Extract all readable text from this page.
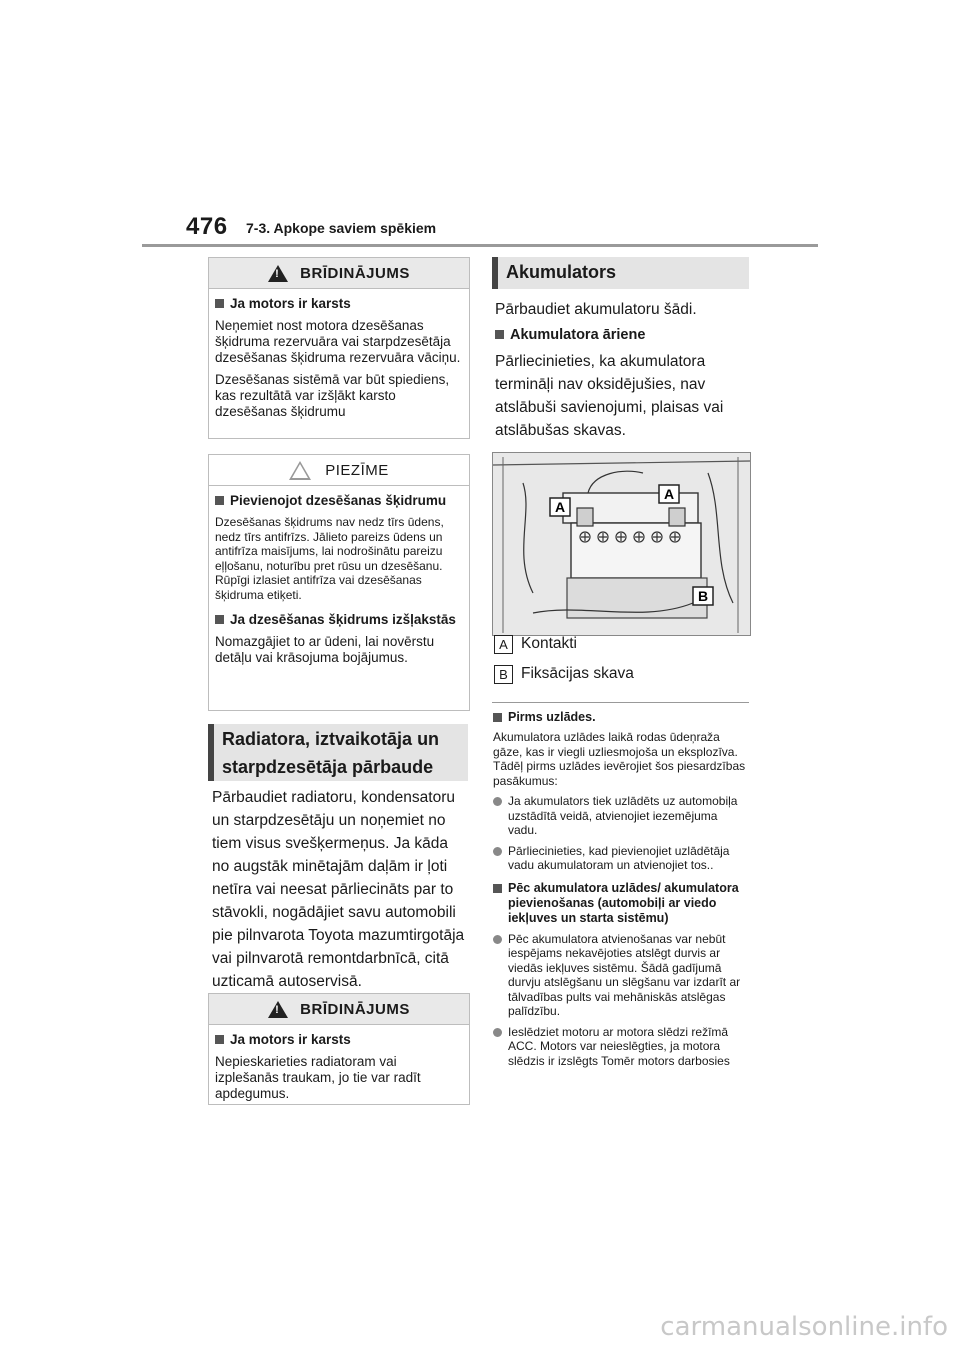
476 7-3. Apkope saviem spēkiem
!
BRĪDINĀJUMS
Ja motors ir karsts
Neņemiet nost motora dzesēšanas šķidruma rezervuāra vai starpdzesētāja dzesēšanas šķidruma rezervuāra vāciņu.
Dzesēšanas sistēmā var būt spiediens, kas rezultātā var izšļākt karsto dzesēšanas šķidrumu
PIEZĪME
Pievienojot dzesēšanas šķidrumu
Dzesēšanas šķidrums nav nedz tīrs ūdens, nedz tīrs antifrīzs. Jālieto pareizs ūdens un antifrīza maisījums, lai nodrošinātu pareizu eļļošanu, noturību pret rūsu un dzesēšanu. Rūpīgi izlasiet antifrīza vai dzesēšanas šķidruma etiķeti.
Ja dzesēšanas šķidrums izšļakstās
Nomazgājiet to ar ūdeni, lai novērstu detāļu vai krāsojuma bojājumus.
Radiatora, iztvaikotāja un
starpdzesētāja pārbaude
Pārbaudiet radiatoru, kondensatoru un starpdzesētāju un noņemiet no tiem visus svešķermeņus. Ja kāda no augstāk minētajām daļām ir ļoti netīra vai neesat pārliecināts par to stāvokli, nogādājiet savu automobili pie pilnvarota Toyota mazumtirgotāja vai pilnvarotā remontdarbnīcā, citā uzticamā autoservisā.
!
BRĪDINĀJUMS
Ja motors ir karsts
Nepieskarieties radiatoram vai izplešanās traukam, jo tie var radīt apdegumus.
Akumulators
Pārbaudiet akumulatoru šādi.
Akumulatora āriene
Pārliecinieties, ka akumulatora termināļi nav oksidējušies, nav atslābuši savienojumi, plaisas vai atslābušas skavas.
A
A
B
A Kontakti
B Fiksācijas skava
Pirms uzlādes.
Akumulatora uzlādes laikā rodas ūdeņraža gāze, kas ir viegli uzliesmojoša un eksplozīva. Tādēļ pirms uzlādes ievērojiet šos piesardzības pasākumus:
Ja akumulators tiek uzlādēts uz automobiļa uzstādītā veidā, atvienojiet iezemējuma vadu.
Pārliecinieties, kad pievienojiet uzlādētāja vadu akumulatoram un atvienojiet tos..
Pēc akumulatora uzlādes/ akumulatora pievienošanas (automobiļi ar viedo iekļuves un starta sistēmu)
Pēc akumulatora atvienošanas var nebūt iespējams nekavējoties atslēgt durvis ar viedās iekļuves sistēmu. Šādā gadījumā durvju atslēgšanu un slēgšanu var izdarīt ar tālvadības pults vai mehāniskās atslēgas palīdzību.
Ieslēdziet motoru ar motora slēdzi režīmā ACC. Motors var neieslēgties, ja motora slēdzis ir izslēgts Tomēr motors darbosies
carmanualsonline.info
